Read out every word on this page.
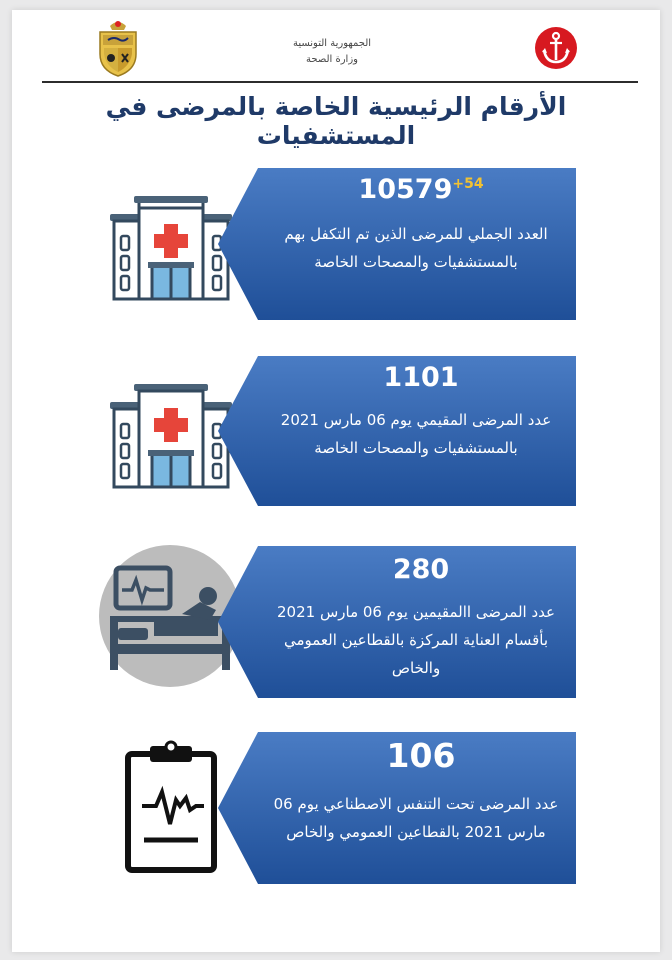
الجمهورية التونسية
وزارة الصحة
الأرقام الرئيسية الخاصة بالمرضى في المستشفيات
$10579^{+54}$
العدد الجملي للمرضى الذين تم التكفل بهم بالمستشفيات والمصحات الخاصة
1101
عدد المرضى المقيمي يوم 06 مارس 2021 بالمستشفيات والمصحات الخاصة
280
عدد المرضى االمقيمين يوم 06 مارس 2021 بأقسام العناية المركزة بالقطاعين العمومي والخاص
106
عدد المرضى تحت التنفس الاصطناعي يوم 06 مارس 2021 بالقطاعين العمومي والخاص
